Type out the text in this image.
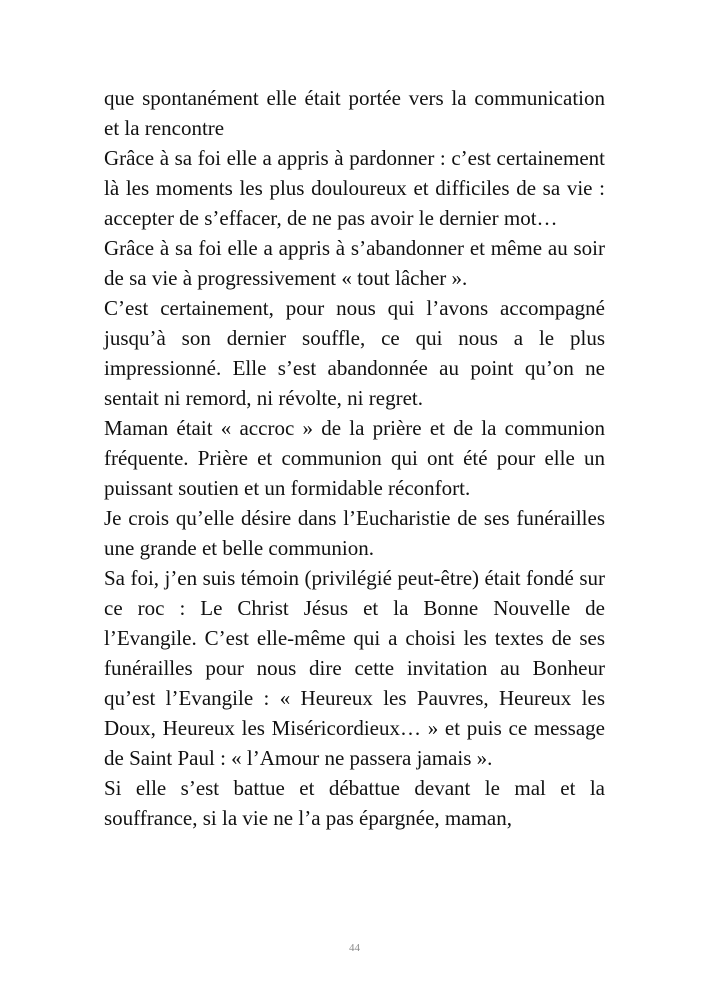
que spontanément elle était portée vers la communication et la rencontre

Grâce à sa foi elle a appris à pardonner : c’est certainement là les moments les plus douloureux et difficiles de sa vie : accepter de s’effacer, de ne pas avoir le dernier mot…

Grâce à sa foi elle a appris à s’abandonner et même au soir de sa vie à progressivement « tout lâcher ».

C’est certainement, pour nous qui l’avons accompagné jusqu’à son dernier souffle, ce qui nous a le plus impressionné. Elle s’est abandonnée au point qu’on ne sentait ni remord, ni révolte, ni regret.

Maman était « accroc » de la prière et de la communion fréquente. Prière et communion qui ont été pour elle un puissant soutien et un formidable réconfort.

Je crois qu’elle désire dans l’Eucharistie de ses funérailles une grande et belle communion.

Sa foi, j’en suis témoin (privilégié peut-être) était fondé sur ce roc : Le Christ Jésus et la Bonne Nouvelle de l’Evangile. C’est elle-même qui a choisi les textes de ses funérailles pour nous dire cette invitation au Bonheur qu’est l’Evangile : « Heureux les Pauvres, Heureux les Doux, Heureux les Miséricordieux… » et puis ce message de Saint Paul : « l’Amour ne passera jamais ».

Si elle s’est battue et débattue devant le mal et la souffrance, si la vie ne l’a pas épargnée, maman,

44
